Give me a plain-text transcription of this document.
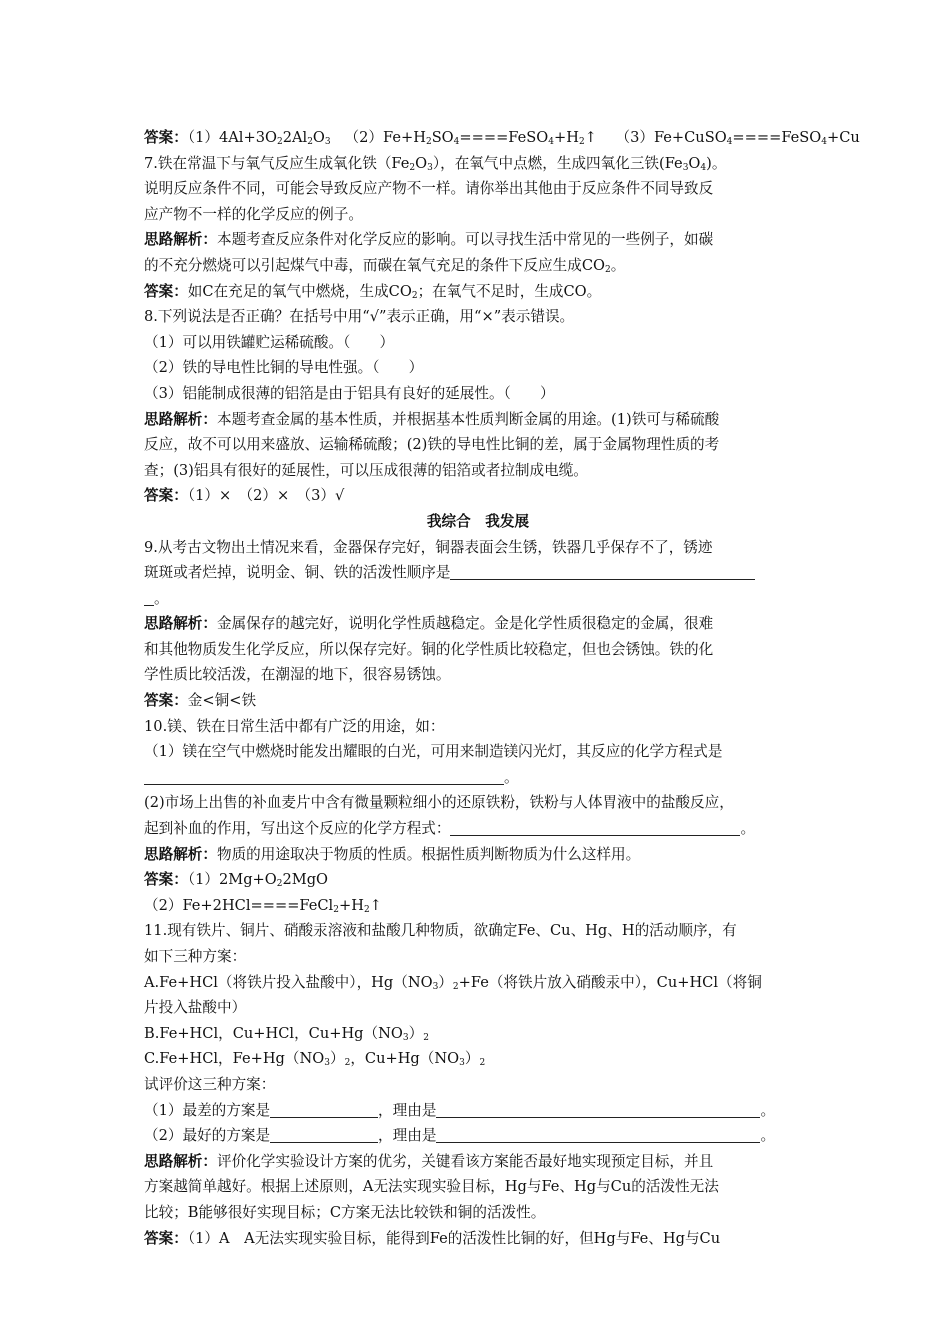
答案：$(1)4Al+3O_22Al_2O_3$ $(2)Fe+H_2SO_4====FeSO_4+H_2↑$ （3）Fe+CuSO$_4$====FeSO$_4$+Cu
7.铁在常温下与氧气反应生成氧化铁$(Fe_2O_3)$，在氧气中点燃，生成四氧化三铁$(Fe_3O_4)$。
说明反应条件不同，可能会导致反应产物不一样。请你举出其他由于反应条件不同导致反
应产物不一样的化学反应的例子。
思路解析：本题考查反应条件对化学反应的影响。可以寻找生活中常见的一些例子，如碳
的不充分燃烧可以引起煤气中毒，而碳在氧气充足的条件下反应生成$CO_2$。
答案：如C在充足的氧气中燃烧，生成$CO_2$；在氧气不足时，生成CO。
8.下列说法是否正确？在括号中用“√”表示正确，用“×”表示错误。
（1）可以用铁罐贮运稀硫酸。（　　）
（2）铁的导电性比铜的导电性强。（　　）
（3）铝能制成很薄的铝箔是由于铝具有良好的延展性。（　　）
思路解析：本题考查金属的基本性质，并根据基本性质判断金属的用途。(1)铁可与稀硫酸
反应，故不可以用来盛放、运输稀硫酸；(2)铁的导电性比铜的差，属于金属物理性质的考
查；(3)铝具有很好的延展性，可以压成很薄的铝箔或者拉制成电缆。
答案：（1）×　（2）×　（3）√
我综合　我发展
9.从考古文物出土情况来看，金器保存完好，铜器表面会生锈，铁器几乎保存不了，锈迹
斑斑或者烂掉，说明金、铜、铁的活泼性顺序是
。
思路解析：金属保存的越完好，说明化学性质越稳定。金是化学性质很稳定的金属，很难
和其他物质发生化学反应，所以保存完好。铜的化学性质比较稳定，但也会锈蚀。铁的化
学性质比较活泼，在潮湿的地下，很容易锈蚀。
答案：金<铜<铁
10.镁、铁在日常生活中都有广泛的用途，如：
（1）镁在空气中燃烧时能发出耀眼的白光，可用来制造镁闪光灯，其反应的化学方程式是
。
(2)市场上出售的补血麦片中含有微量颗粒细小的还原铁粉，铁粉与人体胃液中的盐酸反应，
起到补血的作用，写出这个反应的化学方程式：	。
思路解析：物质的用途取决于物质的性质。根据性质判断物质为什么这样用。
答案：$(1)2Mg+O_22MgO$
$(2)Fe+2HCl====FeCl_2+H_2↑$
11.现有铁片、铜片、硝酸汞溶液和盐酸几种物质，欲确定Fe、Cu、Hg、H的活动顺序，有
如下三种方案：
A.Fe+HCl（将铁片投入盐酸中），$Hg(NO_3)_2+Fe$（将铁片放入硝酸汞中），Cu+HCl（将铜
片投入盐酸中）
B.Fe+HCl，Cu+HCl，$Cu+Hg(NO_3)_2$
C.Fe+HCl，$Fe+Hg(NO_3)_2$，$Cu+Hg(NO_3)_2$
试评价这三种方案：
（1）最差的方案是	，理由是	。
（2）最好的方案是	，理由是	。
思路解析：评价化学实验设计方案的优劣，关键看该方案能否最好地实现预定目标，并且
方案越简单越好。根据上述原则，A无法实现实验目标，Hg与Fe、Hg与Cu的活泼性无法
比较；B能够很好实现目标；C方案无法比较铁和铜的活泼性。
答案：（1）A　A无法实现实验目标，能得到Fe的活泼性比铜的好，但Hg与Fe、Hg与Cu
